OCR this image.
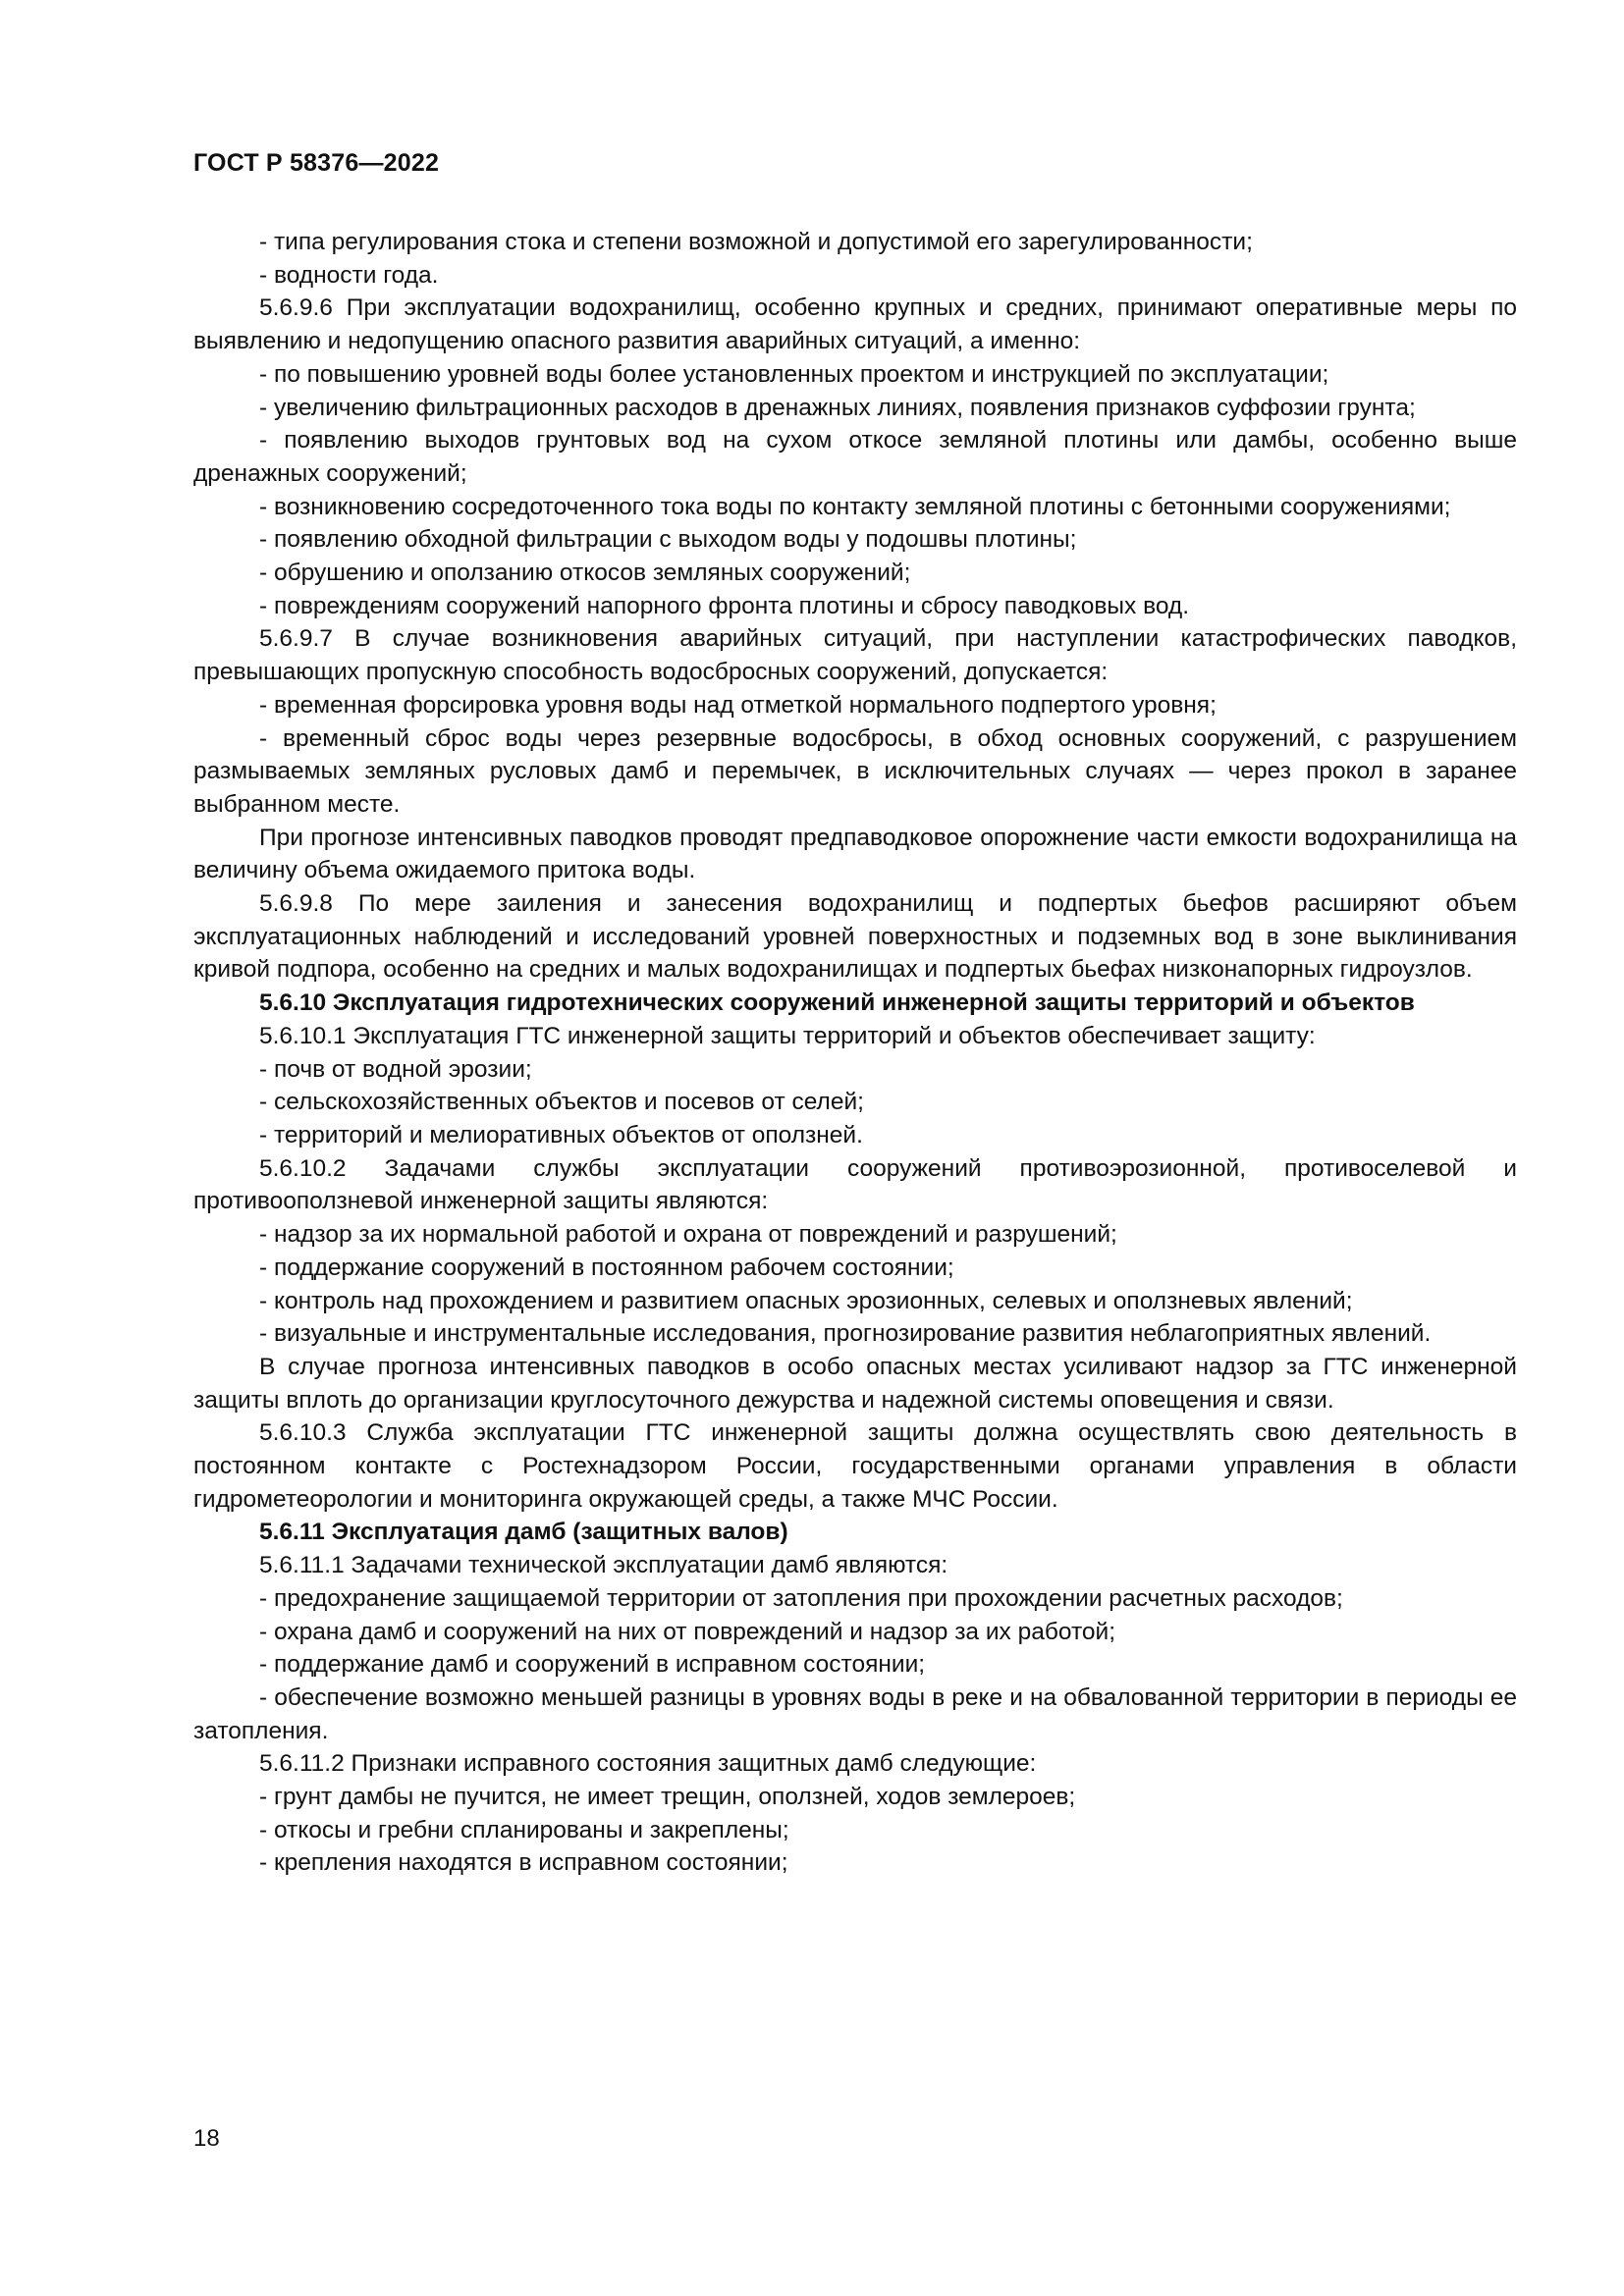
ГОСТ Р 58376—2022

- типа регулирования стока и степени возможной и допустимой его зарегулированности;

- водности года.

5.6.9.6 При эксплуатации водохранилищ, особенно крупных и средних, принимают оперативные меры по выявлению и недопущению опасного развития аварийных ситуаций, а именно:

- по повышению уровней воды более установленных проектом и инструкцией по эксплуатации;

- увеличению фильтрационных расходов в дренажных линиях, появления признаков суффозии грунта;

- появлению выходов грунтовых вод на сухом откосе земляной плотины или дамбы, особенно выше дренажных сооружений;

- возникновению сосредоточенного тока воды по контакту земляной плотины с бетонными сооружениями;

- появлению обходной фильтрации с выходом воды у подошвы плотины;

- обрушению и оползанию откосов земляных сооружений;

- повреждениям сооружений напорного фронта плотины и сбросу паводковых вод.

5.6.9.7 В случае возникновения аварийных ситуаций, при наступлении катастрофических паводков, превышающих пропускную способность водосбросных сооружений, допускается:

- временная форсировка уровня воды над отметкой нормального подпертого уровня;

- временный сброс воды через резервные водосбросы, в обход основных сооружений, с разрушением размываемых земляных русловых дамб и перемычек, в исключительных случаях — через прокол в заранее выбранном месте.

При прогнозе интенсивных паводков проводят предпаводковое опорожнение части емкости водохранилища на величину объема ожидаемого притока воды.

5.6.9.8 По мере заиления и занесения водохранилищ и подпертых бьефов расширяют объем эксплуатационных наблюдений и исследований уровней поверхностных и подземных вод в зоне выклинивания кривой подпора, особенно на средних и малых водохранилищах и подпертых бьефах низконапорных гидроузлов.

5.6.10 Эксплуатация гидротехнических сооружений инженерной защиты территорий и объектов

5.6.10.1 Эксплуатация ГТС инженерной защиты территорий и объектов обеспечивает защиту:

- почв от водной эрозии;

- сельскохозяйственных объектов и посевов от селей;

- территорий и мелиоративных объектов от оползней.

5.6.10.2 Задачами службы эксплуатации сооружений противоэрозионной, противоселевой и противооползневой инженерной защиты являются:

- надзор за их нормальной работой и охрана от повреждений и разрушений;

- поддержание сооружений в постоянном рабочем состоянии;

- контроль над прохождением и развитием опасных эрозионных, селевых и оползневых явлений;

- визуальные и инструментальные исследования, прогнозирование развития неблагоприятных явлений.

В случае прогноза интенсивных паводков в особо опасных местах усиливают надзор за ГТС инженерной защиты вплоть до организации круглосуточного дежурства и надежной системы оповещения и связи.

5.6.10.3 Служба эксплуатации ГТС инженерной защиты должна осуществлять свою деятельность в постоянном контакте с Ростехнадзором России, государственными органами управления в области гидрометеорологии и мониторинга окружающей среды, а также МЧС России.

5.6.11 Эксплуатация дамб (защитных валов)

5.6.11.1 Задачами технической эксплуатации дамб являются:

- предохранение защищаемой территории от затопления при прохождении расчетных расходов;

- охрана дамб и сооружений на них от повреждений и надзор за их работой;

- поддержание дамб и сооружений в исправном состоянии;

- обеспечение возможно меньшей разницы в уровнях воды в реке и на обвалованной территории в периоды ее затопления.

5.6.11.2 Признаки исправного состояния защитных дамб следующие:

- грунт дамбы не пучится, не имеет трещин, оползней, ходов землероев;

- откосы и гребни спланированы и закреплены;

- крепления находятся в исправном состоянии;

18
